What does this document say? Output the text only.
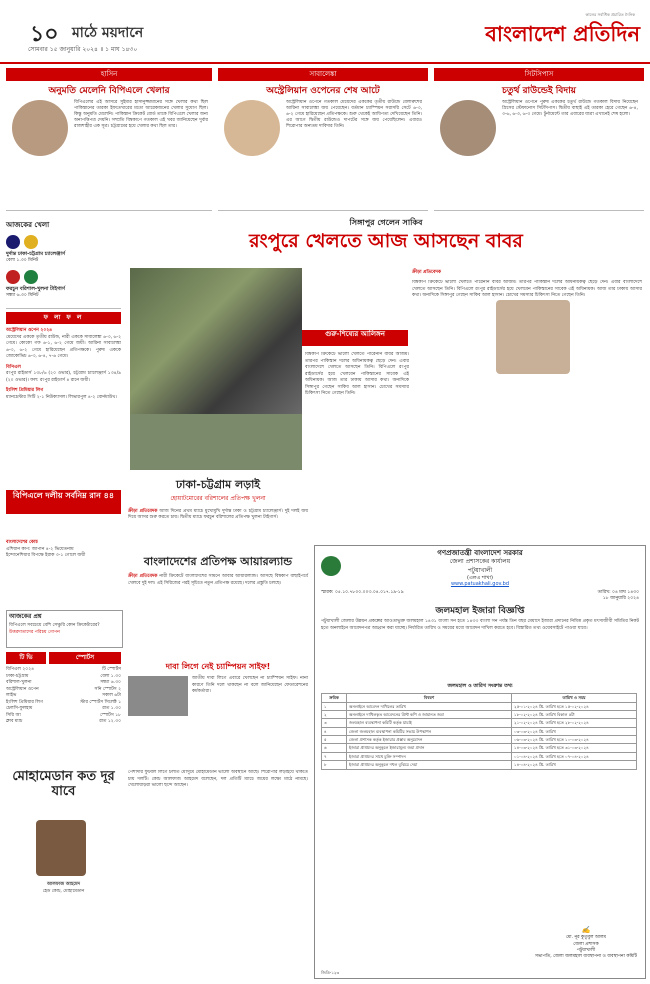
১০ মাঠে ময়দানে
সোমবার ১৫ জানুয়ারি ২০২৪ ॥ ১ মাঘ ১৪৩০
কালের সর্বাধিক প্রচারিত দৈনিক
বাংলাদেশ প্রতিদিন
হাসিন
অনুমতি মেলেনি বিপিএলে খেলার
বিপিএলের এই আসরে সুইমার হাসানুজ্জামানের সঙ্গে খেলার কথা ছিল পাকিস্তানের তারকা ইফতেখারের মতো আরেকজনের খেলার সুযোগ ছিল। কিন্তু অনুমতি মেলেনি। পাকিস্তান ক্রিকেট বোর্ড তাকে বিপিএলে খেলার জন্য অনাপত্তিপত্র দেয়নি। সম্প্রতি বিশ্বকাপে গতকাল এই খবর জানিয়েছেন দুর্বার রাজশাহীর এক সূত্র। চট্টগ্রামের হয়ে খেলার কথা ছিল তার।
সাবালেঙ্কা
অস্ট্রেলিয়ান ওপেনের শেষ আটে
অস্ট্রেলিয়ান ওপেনে গতকাল মেয়েদের এককের তৃতীয় রাউন্ডে বেলারুশের আরিনা সাবালেঙ্কা জয় পেয়েছেন। বর্তমান চ্যাম্পিয়ন সরাসরি সেটে ৬-৩, ৬-২ গেমে হারিয়েছেন প্রতিপক্ষকে। শুরু থেকেই আধিপত্য দেখিয়েছেন তিনি। এর আগে দ্বিতীয় রাউন্ডেও দাপটের সঙ্গে জয় পেয়েছিলেন। এবারও শিরোপার অন্যতম দাবিদার তিনি।
সিটসিপাস
চতুর্থ রাউন্ডেই বিদায়
অস্ট্রেলিয়ান ওপেনে পুরুষ এককের চতুর্থ রাউন্ডে গতকাল বিদায় নিয়েছেন গ্রিসের স্টেফানোস সিটসিপাস। দ্বিতীয় বাছাই এই তারকা হেরে গেছেন ৬-৪, ৩-৬, ৬-৩, ৬-৩ গেমে। টুর্নামেন্টে তার এবারের যাত্রা এখানেই শেষ হলো।
আজকের খেলা
দুর্দান্ত ঢাকা-চট্টগ্রাম চ্যালেঞ্জার্স
বেলা ১.৩০ মিনিট
ফরচুন বরিশাল-খুলনা টাইগার্স
সন্ধ্যা ৬.৩০ মিনিট
ফ লা ফ ল
অস্ট্রেলিয়ান ওপেন ২০২৪
মেয়েদের এককে তৃতীয় রাউন্ড, নারী এককে সাবালেঙ্কা ৬-৩, ৬-২ গেমে। কোকো গফ ৬-১, ৬-২ গেমে জয়ী। আরিনা সাবালেঙ্কা ৬-৩, ৬-২ গেমে হারিয়েছেন প্রতিপক্ষকে। পুরুষ এককে জোকোভিচ ৬-৩, ৬-৪, ৭-৬ গেমে।
বিপিএল
রংপুর রাইডার্স ১৩৮/৬ (২০ ওভার), চট্টগ্রাম চ্যালেঞ্জার্স ১৩৪/৯ (২০ ওভার)। ফল: রংপুর রাইডার্স ৪ রানে জয়ী।
ইংলিশ প্রিমিয়ার লিগ
ম্যানচেস্টার সিটি ২-১ নিউক্যাসল। লিভারপুল ৪-২ বোর্নমাউথ।
বিপিএলে দলীয় সর্বনিম্ন রান ৪৪
সিঙ্গাপুর গেলেন সাকিব
রংপুরে খেলতে আজ আসছেন বাবর
গুরু-শিষ্যের আলিঙ্গন
ক্রীড়া প্রতিবেদক
বিশ্বকাপ ক্রিকেটে ভালো খেলতে পারেননি বাবর আজম। তারপর পাকিস্তান দলের অধিনায়কত্ব ছেড়ে দেন। এবার বাংলাদেশে খেলতে আসছেন তিনি। বিপিএলে রংপুর রাইডার্সের হয়ে খেলবেন পাকিস্তানের সাবেক এই অধিনায়ক। আজ তার ঢাকায় আসার কথা। অন্যদিকে সিঙ্গাপুর গেছেন সাকিব আল হাসান। চোখের সমস্যার চিকিৎসা নিতে গেছেন তিনি।
বিশ্বকাপ ক্রিকেটে ভালো খেলতে পারেননি বাবর আজম। তারপর পাকিস্তান দলের অধিনায়কত্ব ছেড়ে দেন। এবার বাংলাদেশে খেলতে আসছেন তিনি। বিপিএলে রংপুর রাইডার্সের হয়ে খেলবেন পাকিস্তানের সাবেক এই অধিনায়ক। আজ তার ঢাকায় আসার কথা। অন্যদিকে সিঙ্গাপুর গেছেন সাকিব আল হাসান। চোখের সমস্যার চিকিৎসা নিতে গেছেন তিনি।
ঢাকা-চট্টগ্রাম লড়াই
হোয়াটমোরের বরিশালের প্রতিপক্ষ খুলনা
ক্রীড়া প্রতিবেদক আজ দিনের প্রথম ম্যাচে মুখোমুখি দুর্দান্ত ঢাকা ও চট্টগ্রাম চ্যালেঞ্জার্স। দুই দলই জয় দিয়ে আসর শুরু করতে চায়। দ্বিতীয় ম্যাচে ফরচুন বরিশালের প্রতিপক্ষ খুলনা টাইগার্স।
বাংলাদেশের কোচ
এশিয়ান কাপ: জাপান ৪-২ ভিয়েতনাম
ইন্দোনেশিয়ার বিপক্ষে ইরাক ৩-১ গোলে জয়ী	বাংলাদেশের প্রতিপক্ষ আয়ারল্যান্ড
ক্রীড়া প্রতিবেদক নারী ক্রিকেটে বাংলাদেশের সামনে আবার আয়ারল্যান্ড। আসছে বিশ্বকাপ বাছাইপর্বে খেলবে দুই দল। এই সিরিজের পরই সূচিতে নতুন প্রতিপক্ষ রয়েছে। দলের প্রস্তুতি চলছে।
দাবা লিগে নেই চ্যাম্পিয়ন সাইফ!
জাতীয় দাবা লিগে এবারে খেলছেন না চ্যাম্পিয়ন সাইফ। নানা কারণে তিনি দলে থাকছেন না বলে জানিয়েছেন ফেডারেশনের কর্মকর্তারা।
আজকের প্রশ্ন
বিপিএলে সবচেয়ে বেশি সেঞ্চুরি কোন ক্রিকেটারের?
উত্তরদাতাদের পরিচয় গোপন
টি ভি	স্পোর্টস
বিপিএল ২০২৪	টি স্পোর্টস
ঢাকা-চট্টগ্রাম	বেলা ১.৩০
বরিশাল-খুলনা	সন্ধ্যা ৬.৩০
অস্ট্রেলিয়ান ওপেন	সনি স্পোর্টস ২
লাইভ	সকাল ৬টা
ইংলিশ প্রিমিয়ার লিগ	স্টার স্পোর্টস সিলেক্ট ১
চেলসি-ফুলহাম	রাত ১.৩০
সিরি আ	স্পোর্টস ১৮
ক্লাব ম্যাচ	রাত ১২.৩০
মোহামেডান কত দূর যাবে
আলফাজ আহমেদ
হেড কোচ, মোহামেডান
পেশাদার ফুটবল লিগে চলতি মৌসুমে মোহামেডান ভালো অবস্থানে আছে। শিরোপার লড়াইয়ে থাকতে চায় দলটি। কোচ আলফাজ আহমেদ বলেছেন, দল প্রতিটি ম্যাচে জয়ের লক্ষ্যে মাঠে নামছে। খেলোয়াড়রা ভালো ছন্দে আছেন।
গণপ্রজাতন্ত্রী বাংলাদেশ সরকার
জেলা প্রশাসকের কার্যালয়
পটুয়াখালী
(এলএ শাখা)
www.patuakhali.gov.bd
স্মারক: ০৫.১০.৭৮০০.০০৩.০৪.০১৭.১৯-১৯	তারিখ: ০৪ মাঘ ১৪৩০
১৮ জানুয়ারি ২০২৪
জলমহাল ইজারা বিজ্ঞপ্তি
পটুয়াখালী জেলার উন্নয়ন প্রকল্পের আওতাভুক্ত জলমহাল ১৪৩১ বাংলা সন হতে ১৪৩৩ বাংলা সন পর্যন্ত তিন বছর মেয়াদে ইজারা প্রদানের নিমিত্ত প্রকৃত মৎস্যজীবী সমিতির নিকট হতে অনলাইনে আবেদনপত্র আহ্বান করা যাচ্ছে। নির্ধারিত তারিখ ও সময়ের মধ্যে আবেদন দাখিল করতে হবে। বিস্তারিত তথ্য ওয়েবসাইটে পাওয়া যাবে।
জলমহাল ও তারিখ সংক্রান্ত তথ্য
ক্রমিক	বিবরণ	তারিখ ও সময়
১	অনলাইনে আবেদন দাখিলের তারিখ	২৫-০১-২০২৪ খ্রি. তারিখ হতে ১৫-০২-২০২৪
২	অনলাইনে দাখিলকৃত আবেদনের প্রিন্ট কপি ও জামানত জমা	১৮-০২-২০২৪ খ্রি. তারিখ বিকাল ৫টা
৩	জলমহাল ব্যবস্থাপনা কমিটি কর্তৃক যাচাই	২১-০২-২০২৪ খ্রি. তারিখ হতে ২৮-০২-২০২৪
৪	জেলা জলমহাল ব্যবস্থাপনা কমিটির সভায় উপস্থাপন	০৩-০৩-২০২৪ খ্রি. তারিখ
৫	জেলা প্রশাসক কর্তৃক ইজারার প্রস্তাব অনুমোদন	০৬-০৩-২০২৪ খ্রি. তারিখ হতে ১০-০৩-২০২৪
৬	ইজারা প্রাপ্তদের অনুকূলে ইজারামূল্য জমা প্রদান	১৪-০৩-২০২৪ খ্রি. তারিখ হতে ৩১-০৩-২০২৪
৭	ইজারা প্রাপ্তদের সাথে চুক্তি সম্পাদন	০১-০৪-২০২৪ খ্রি. তারিখ হতে ০৭-০৪-২০২৪
৮	ইজারা প্রাপ্তদের অনুকূলে দখল বুঝিয়ে দেয়া	১৪-০৪-২০২৪ খ্রি. তারিখ
✍
মো. নূর কুতুবুল আলম
জেলা প্রশাসক
পটুয়াখালী
সভাপতি, জেলা জলমহাল ব্যবস্থাপনা ও ব্যবস্থাপনা কমিটি
জিডি-১২৩
